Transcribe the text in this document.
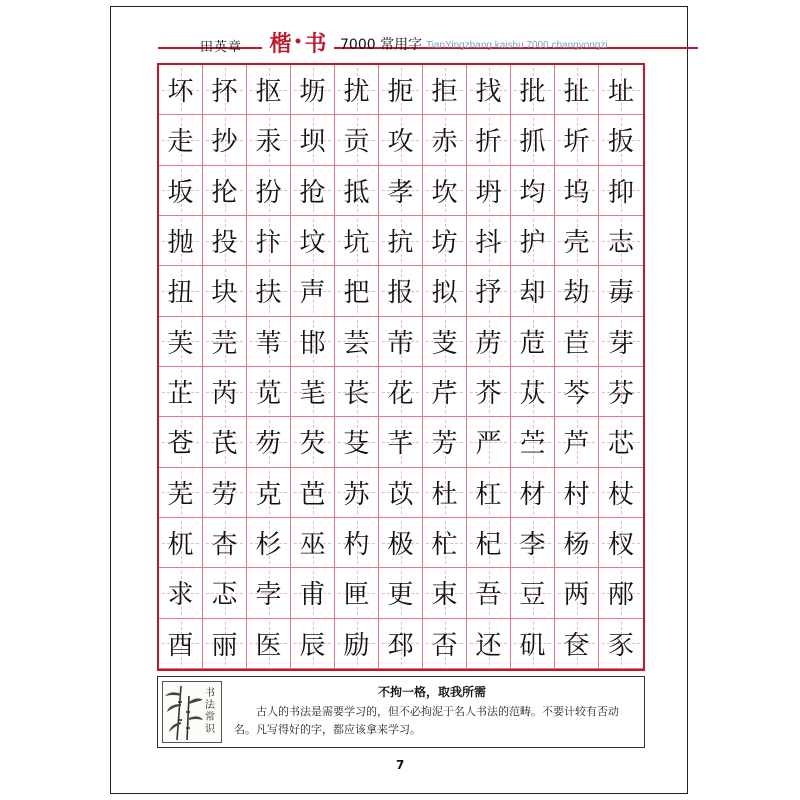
田英章 楷 • 书 7000 常用字 TianYingzhang kaishu 7000 changyongzi
坏 抔 抠 坜 扰 扼 拒 找 批 扯 址
走 抄 汞 坝 贡 攻 赤 折 抓 圻 扳
坂 抡 扮 抢 抵 孝 坎 坍 均 坞 抑
抛 投 抃 坟 坑 抗 坊 抖 护 壳 志
扭 块 扶 声 把 报 拟 抒 却 劫 毐
芙 芫 苇 邯 芸 芾 芰 苈 苊 苣 芽
芷 芮 苋 芼 苌 花 芹 芥 苁 芩 芬
苍 芪 芴 芡 芟 芊 芳 严 苎 芦 芯
芜 劳 克 芭 苏 苡 杜 杠 材 村 杖
杌 杏 杉 巫 杓 极 杧 杞 李 杨 杈
求 忑 孛 甫 匣 更 束 吾 豆 两 邴
酉 丽 医 辰 励 邳 否 还 矶 奁 豕
书法常识
不拘一格，取我所需
古人的书法是需要学习的，但不必拘泥于名人书法的范畴。不要计较有否动名。凡写得好的字，都应该拿来学习。
7
